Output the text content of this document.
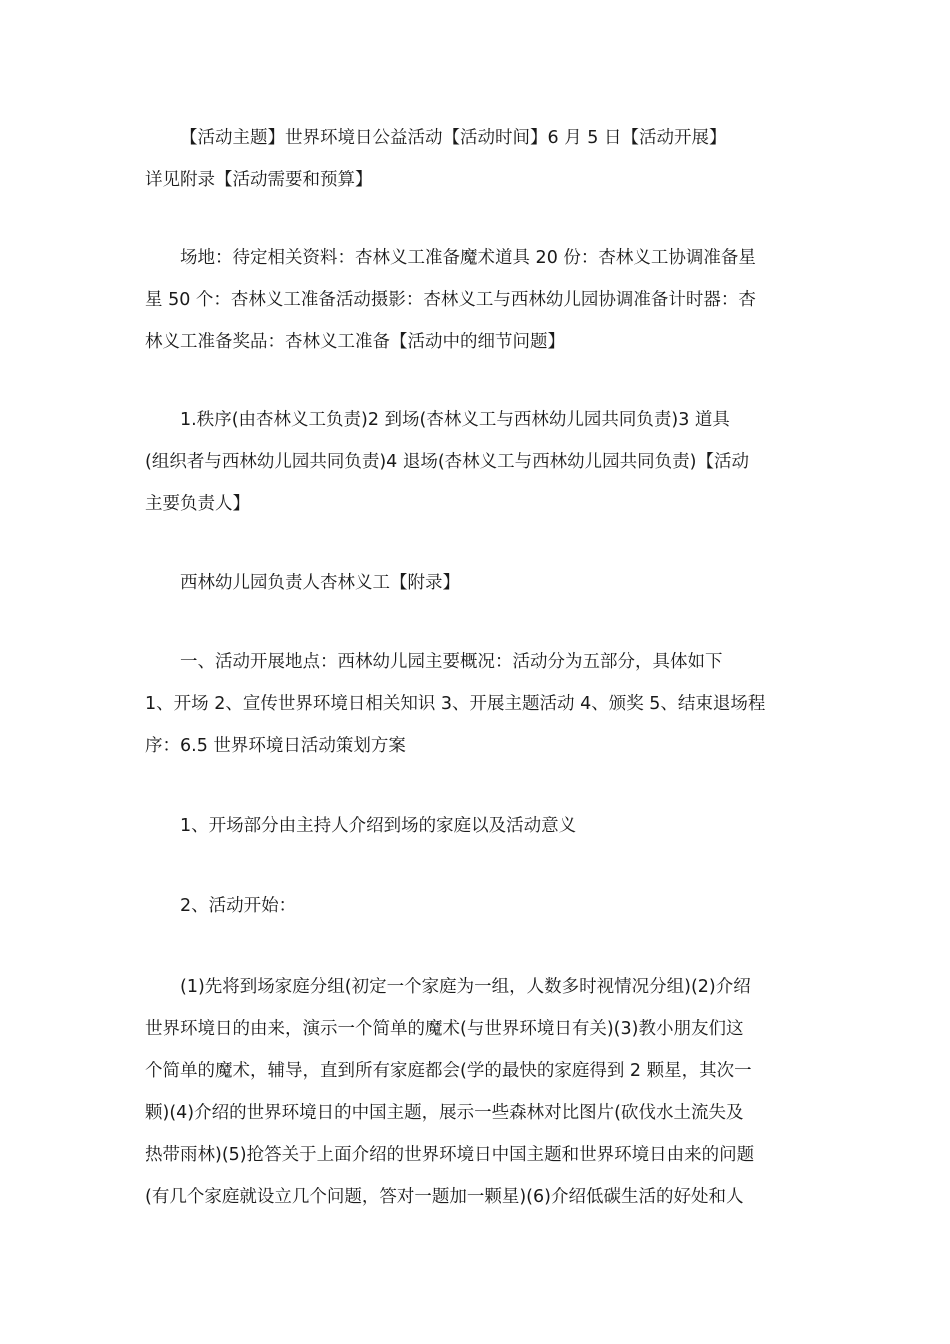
【活动主题】世界环境日公益活动【活动时间】6 月 5 日【活动开展】
详见附录【活动需要和预算】
场地：待定相关资料：杏林义工准备魔术道具 20 份：杏林义工协调准备星
星 50 个：杏林义工准备活动摄影：杏林义工与西林幼儿园协调准备计时器：杏
林义工准备奖品：杏林义工准备【活动中的细节问题】
1.秩序(由杏林义工负责)2 到场(杏林义工与西林幼儿园共同负责)3 道具
(组织者与西林幼儿园共同负责)4 退场(杏林义工与西林幼儿园共同负责)【活动
主要负责人】
西林幼儿园负责人杏林义工【附录】
一、活动开展地点：西林幼儿园主要概况：活动分为五部分，具体如下
1、开场 2、宣传世界环境日相关知识 3、开展主题活动 4、颁奖 5、结束退场程
序：6.5 世界环境日活动策划方案
1、开场部分由主持人介绍到场的家庭以及活动意义
2、活动开始：
(1)先将到场家庭分组(初定一个家庭为一组，人数多时视情况分组)(2)介绍
世界环境日的由来，演示一个简单的魔术(与世界环境日有关)(3)教小朋友们这
个简单的魔术，辅导，直到所有家庭都会(学的最快的家庭得到 2 颗星，其次一
颗)(4)介绍的世界环境日的中国主题，展示一些森林对比图片(砍伐水土流失及
热带雨林)(5)抢答关于上面介绍的世界环境日中国主题和世界环境日由来的问题
(有几个家庭就设立几个问题，答对一题加一颗星)(6)介绍低碳生活的好处和人
